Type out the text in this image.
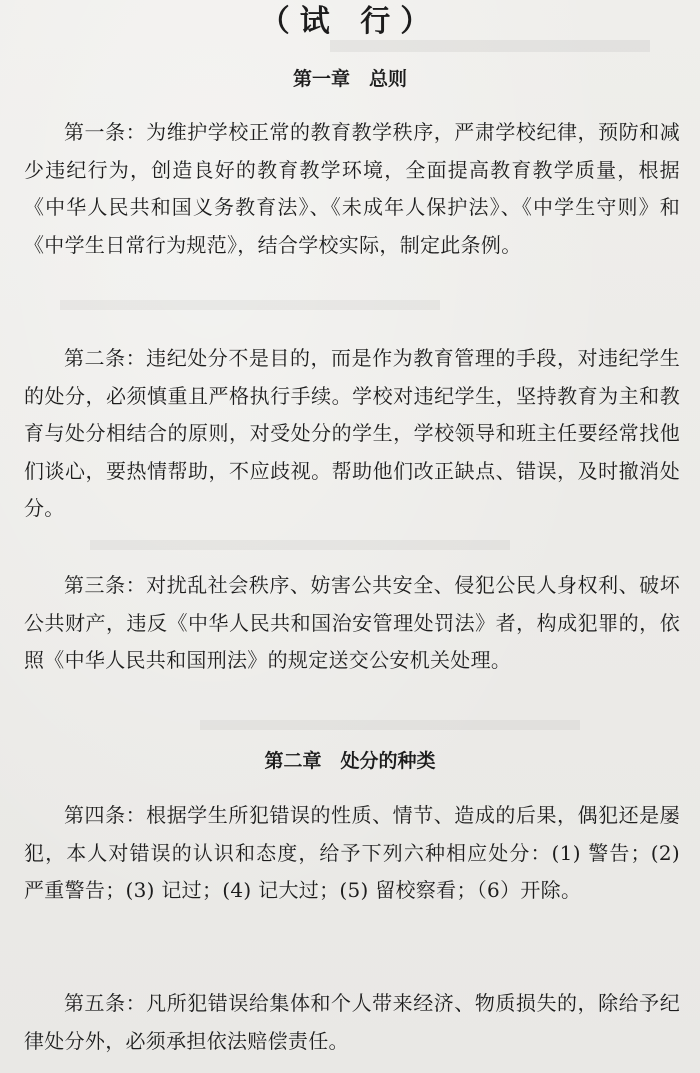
（试 行）
第一章　总则

第一条：为维护学校正常的教育教学秩序，严肃学校纪律，预防和减少违纪行为，创造良好的教育教学环境，全面提高教育教学质量，根据《中华人民共和国义务教育法》、《未成年人保护法》、《中学生守则》和《中学生日常行为规范》，结合学校实际，制定此条例。

第二条：违纪处分不是目的，而是作为教育管理的手段，对违纪学生的处分，必须慎重且严格执行手续。学校对违纪学生，坚持教育为主和教育与处分相结合的原则，对受处分的学生，学校领导和班主任要经常找他们谈心，要热情帮助，不应歧视。帮助他们改正缺点、错误，及时撤消处分。

第三条：对扰乱社会秩序、妨害公共安全、侵犯公民人身权利、破坏公共财产，违反《中华人民共和国治安管理处罚法》者，构成犯罪的，依照《中华人民共和国刑法》的规定送交公安机关处理。

第二章　处分的种类

第四条：根据学生所犯错误的性质、情节、造成的后果，偶犯还是屡犯，本人对错误的认识和态度，给予下列六种相应处分：(1) 警告；(2) 严重警告；(3) 记过；(4) 记大过；(5) 留校察看；（6）开除。

第五条：凡所犯错误给集体和个人带来经济、物质损失的，除给予纪律处分外，必须承担依法赔偿责任。
